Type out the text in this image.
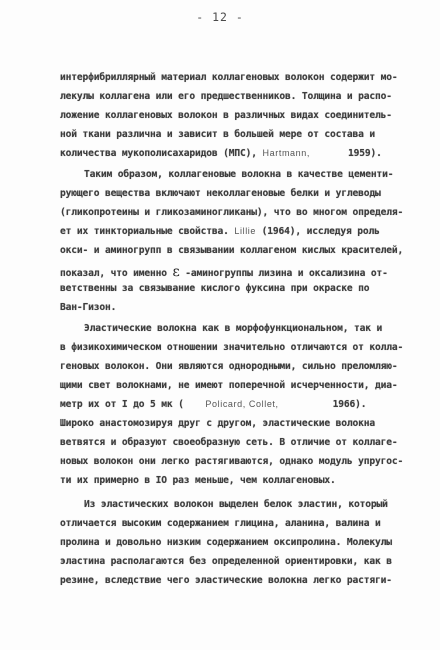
- 12 -
интерфибриллярный материал коллагеновых волокон содержит мо-
лекулы коллагена или его предшественников. Толщина и распо-
ложение коллагеновых волокон в различных видах соединитель-
ной ткани различна и зависит в большей мере от состава и
количества мукополисахаридов (МПС), Hartmann,	1959).
Таким образом, коллагеновые волокна в качестве цементи-
рующего вещества включают неколлагеновые белки и углеводы
(гликопротеины и гликозаминогликаны), что во многом определя-
ет их тинкториальные свойства. Lillie (1964), исследуя роль
окси- и аминогрупп в связывании коллагеном кислых красителей,
показал, что именно ε -аминогруппы лизина и оксализина от-
ветственны за связывание кислого фуксина при окраске по
Ван-Гизон.
Эластические волокна как в морфофункциональном, так и
в физикохимическом отношении значительно отличаются от колла-
геновых волокон. Они являются однородными, сильно преломляю-
щими свет волокнами, не имеют поперечной исчерченности, диа-
метр их от I до 5 мк ( Policard, Collet,	1966).
Широко анастомозируя друг с другом, эластические волокна
ветвятся и образуют своеобразную сеть. В отличие от коллаге-
новых волокон они легко растягиваются, однако модуль упругос-
ти их примерно в IO раз меньше, чем коллагеновых.
Из эластических волокон выделен белок эластин, который
отличается высоким содержанием глицина, аланина, валина и
пролина и довольно низким содержанием оксипролина. Молекулы
эластина располагаются без определенной ориентировки, как в
резине, вследствие чего эластические волокна легко растяги-
